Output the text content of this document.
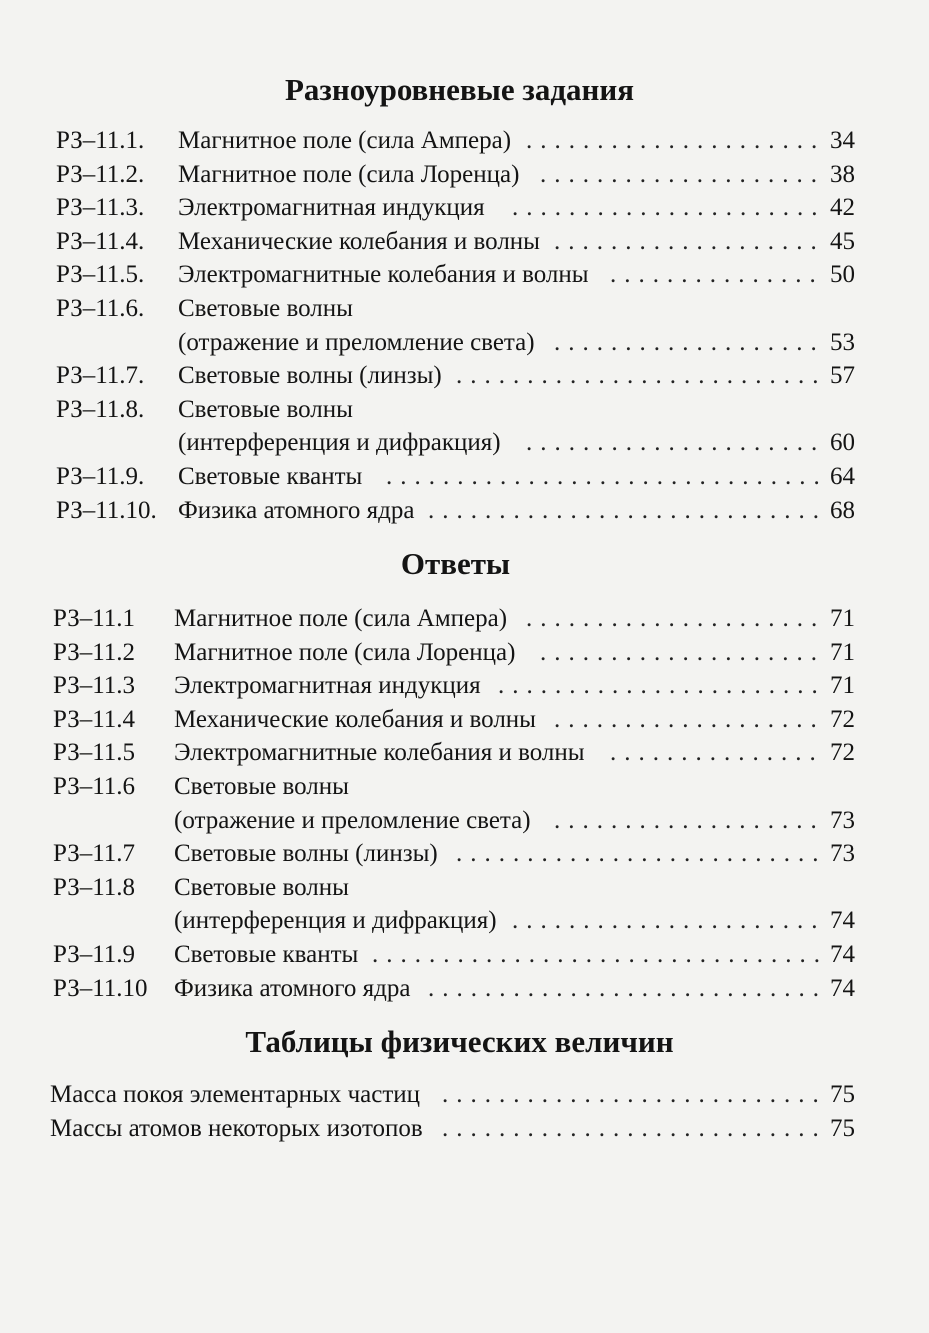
Разноуровневые задания
РЗ–11.1. Магнитное поле (сила Ампера)	34
.....................
РЗ–11.2. Магнитное поле (сила Лоренца)	38
....................
РЗ–11.3. Электромагнитная индукция	42
......................
РЗ–11.4. Механические колебания и волны	45
...................
РЗ–11.5. Электромагнитные колебания и волны	50
...............
РЗ–11.6. Световые волны
(отражение и преломление света)	53
...................
РЗ–11.7. Световые волны (линзы)	57
..........................
РЗ–11.8. Световые волны
(интерференция и дифракция)	60
.....................
РЗ–11.9. Световые кванты	64
...............................
РЗ–11.10. Физика атомного ядра	68
............................
Ответы
РЗ–11.1 Магнитное поле (сила Ампера)	71
.....................
РЗ–11.2 Магнитное поле (сила Лоренца)	71
....................
РЗ–11.3 Электромагнитная индукция	71
.......................
РЗ–11.4 Механические колебания и волны	72
...................
РЗ–11.5 Электромагнитные колебания и волны	72
...............
РЗ–11.6 Световые волны
(отражение и преломление света)	73
...................
РЗ–11.7 Световые волны (линзы)	73
..........................
РЗ–11.8 Световые волны
(интерференция и дифракция)	74
......................
РЗ–11.9 Световые кванты	74
................................
РЗ–11.10 Физика атомного ядра	74
............................
Таблицы физических величин
Масса покоя элементарных частиц	75
...........................
Массы атомов некоторых изотопов	75
...........................
